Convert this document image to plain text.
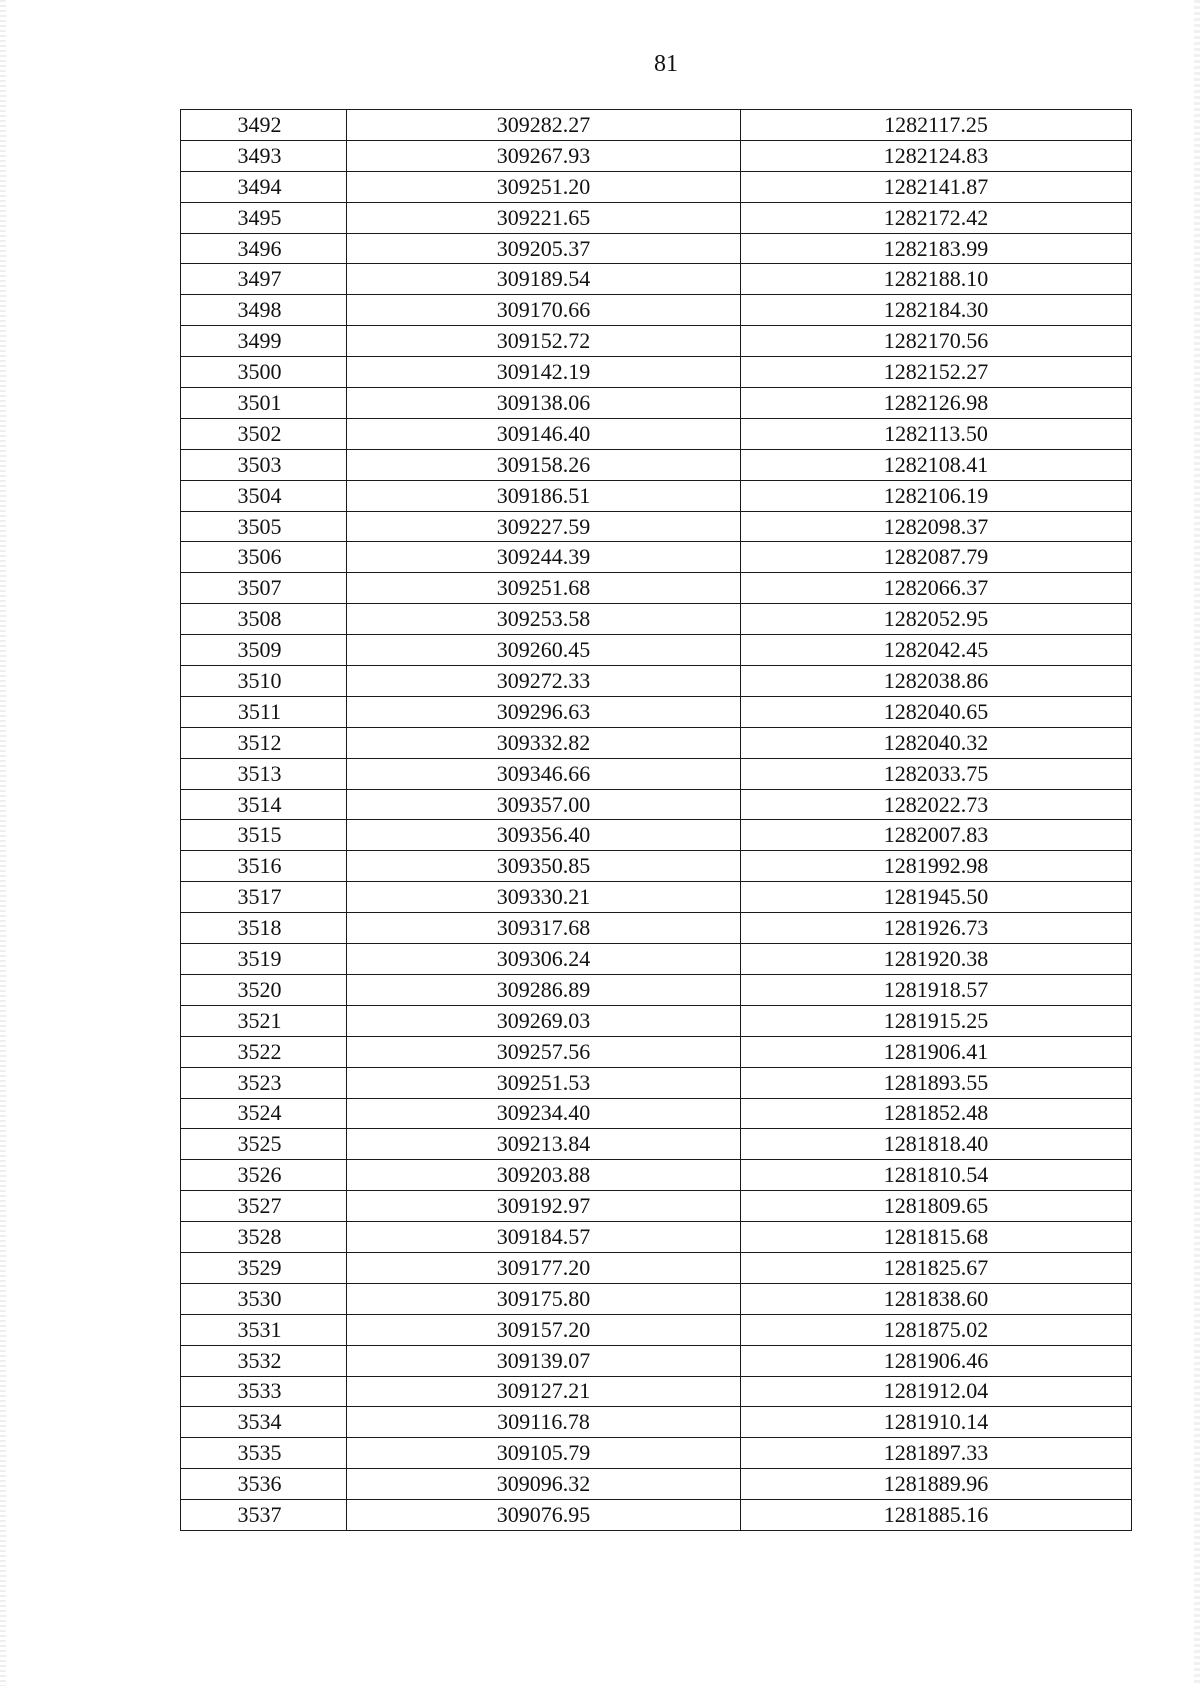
81
3492	309282.27	1282117.25
3493	309267.93	1282124.83
3494	309251.20	1282141.87
3495	309221.65	1282172.42
3496	309205.37	1282183.99
3497	309189.54	1282188.10
3498	309170.66	1282184.30
3499	309152.72	1282170.56
3500	309142.19	1282152.27
3501	309138.06	1282126.98
3502	309146.40	1282113.50
3503	309158.26	1282108.41
3504	309186.51	1282106.19
3505	309227.59	1282098.37
3506	309244.39	1282087.79
3507	309251.68	1282066.37
3508	309253.58	1282052.95
3509	309260.45	1282042.45
3510	309272.33	1282038.86
3511	309296.63	1282040.65
3512	309332.82	1282040.32
3513	309346.66	1282033.75
3514	309357.00	1282022.73
3515	309356.40	1282007.83
3516	309350.85	1281992.98
3517	309330.21	1281945.50
3518	309317.68	1281926.73
3519	309306.24	1281920.38
3520	309286.89	1281918.57
3521	309269.03	1281915.25
3522	309257.56	1281906.41
3523	309251.53	1281893.55
3524	309234.40	1281852.48
3525	309213.84	1281818.40
3526	309203.88	1281810.54
3527	309192.97	1281809.65
3528	309184.57	1281815.68
3529	309177.20	1281825.67
3530	309175.80	1281838.60
3531	309157.20	1281875.02
3532	309139.07	1281906.46
3533	309127.21	1281912.04
3534	309116.78	1281910.14
3535	309105.79	1281897.33
3536	309096.32	1281889.96
3537	309076.95	1281885.16
